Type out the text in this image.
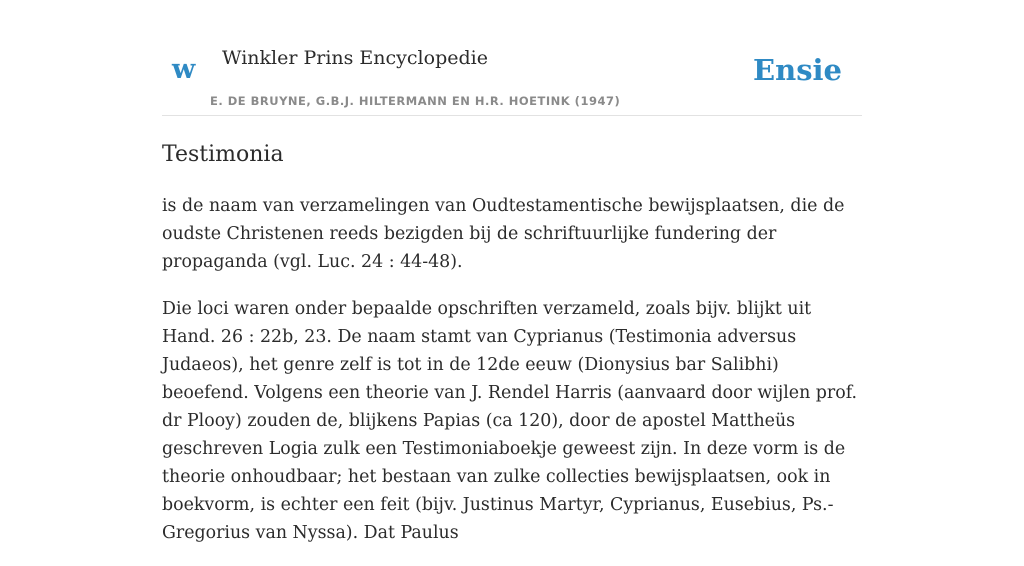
w Winkler Prins Encyclopedie
E. DE BRUYNE, G.B.J. HILTERMANN EN H.R. HOETINK (1947)
Ensie
Testimonia

is de naam van verzamelingen van Oudtestamentische bewijsplaatsen, die de oudste Christenen reeds bezigden bij de schriftuurlijke fundering der propaganda (vgl. Luc. 24 : 44-48).

Die loci waren onder bepaalde opschriften verzameld, zoals bijv. blijkt uit Hand. 26 : 22b, 23. De naam stamt van Cyprianus (Testimonia adversus Judaeos), het genre zelf is tot in de 12de eeuw (Dionysius bar Salibhi) beoefend. Volgens een theorie van J. Rendel Harris (aanvaard door wijlen prof. dr Plooy) zouden de, blijkens Papias (ca 120), door de apostel Mattheüs geschreven Logia zulk een Testimoniaboekje geweest zijn. In deze vorm is de theorie onhoudbaar; het bestaan van zulke collecties bewijsplaatsen, ook in boekvorm, is echter een feit (bijv. Justinus Martyr, Cyprianus, Eusebius, Ps.-Gregorius van Nyssa). Dat Paulus
